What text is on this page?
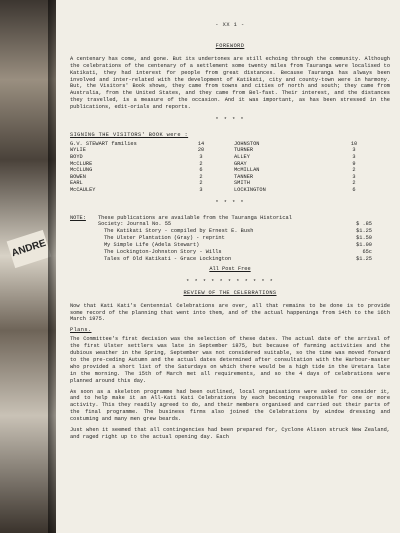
ANDRE
- XX 1 -
FOREWORD

A centenary has come, and gone. But its undertones are still echoing through the community. Although the celebrations of the centenary of a settlement some twenty miles from Tauranga were localised to Katikati, they had interest for people from great distances. Because Tauranga has always been involved and inter-related with the development of Katikati, city and county-town were in harmony. But, the Visitors' Book shows, they came from towns and cities of north and south; they came from Australia, from the United States, and they came from Bel-fast. Their interest, and the distances they travelled, is a measure of the occasion. And it was important, as has been stressed in the publications, edit-orials and reports.

* * * *
SIGNING THE VISITORS' BOOK were :
G.V. STEWART families	14	JOHNSTON	10
WYLIE	20	TURNER	3
BOYD	3	ALLEY	3
McCLURE	2	GRAY	9
McCLUNG	6	McMILLAN	2
BOWEN	2	TANNER	3
EARL	2	SMITH	2
McCAULEY	3	LOCKINGTON	6
* * * *
NOTE:	These publications are available from the Tauranga Historical Society: Journal No. 55	$ .85
The Katikati Story - compiled by Ernest E. Bush	$1.25
The Ulster Plantation (Gray) - reprint	$1.50
My Simple Life (Adela Stewart)	$1.00
The Lockington-Johnston Story - Wills	65c
Tales of Old Katikati - Grace Lockington	$1.25
All Post Free
* * * * * * * * * * *
REVIEW OF THE CELEBRATIONS

Now that Kati Kati's Centennial Celebrations are over, all that remains to be done is to provide some record of the planning that went into them, and of the actual happenings from 14th to the 16th March 1975.

Plans.

The Committee's first decision was the selection of these dates. The actual date of the arrival of the first Ulster settlers was late in September 1875, but because of farming activities and the dubious weather in the Spring, September was not considered suitable, so the time was moved forward to the pre-ceding Autumn and the actual dates determined after consultation with the Harbour-master who provided a short list of the Saturdays on which there would be a high tide in the Uretara late in the morning. The 15th of March met all requirements, and so the 4 days of celebrations were planned around this day.

As soon as a skeleton programme had been outlined, local organisations were asked to consider it, and to help make it an All-Kati Kati Celebrations by each becoming responsible for one or more activity. This they readily agreed to do, and their members organised and carried out their parts of the final programme. The business firms also joined the Celebrations by window dressing and costuming and many men grew beards.

Just when it seemed that all contingencies had been prepared for, Cyclone Alison struck New Zealand, and raged right up to the actual opening day. Each
